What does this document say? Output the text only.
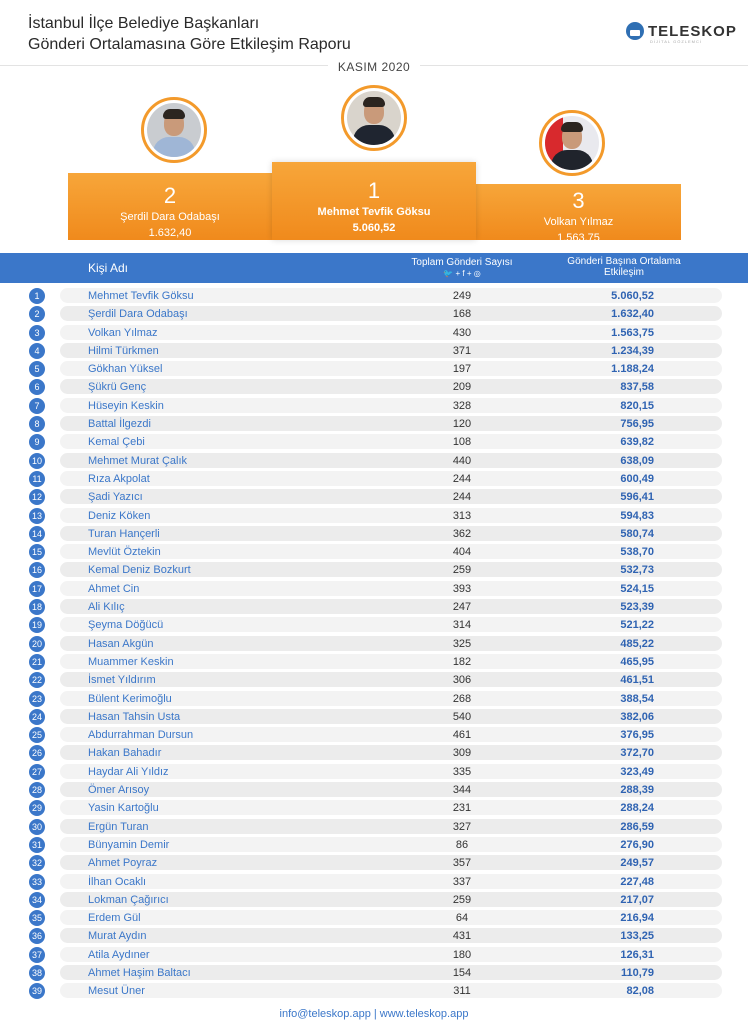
İstanbul İlçe Belediye Başkanları
Gönderi Ortalamasına Göre Etkileşim Raporu
TELESKOP
DİJİTAL GÖZLEMCİ
KASIM 2020
2
Şerdil Dara Odabaşı
1.632,40
3
Volkan Yılmaz
1.563,75
1
Mehmet Tevfik Göksu
5.060,52
Kişi Adı	Toplam Gönderi Sayısı
🐦 + f + ◎
Gönderi Başına Ortalama Etkileşim
1	Mehmet Tevfik Göksu	249	5.060,52
2	Şerdil Dara Odabaşı	168	1.632,40
3	Volkan Yılmaz	430	1.563,75
4	Hilmi Türkmen	371	1.234,39
5	Gökhan Yüksel	197	1.188,24
6	Şükrü Genç	209	837,58
7	Hüseyin Keskin	328	820,15
8	Battal İlgezdi	120	756,95
9	Kemal Çebi	108	639,82
10	Mehmet Murat Çalık	440	638,09
11	Rıza Akpolat	244	600,49
12	Şadi Yazıcı	244	596,41
13	Deniz Köken	313	594,83
14	Turan Hançerli	362	580,74
15	Mevlüt Öztekin	404	538,70
16	Kemal Deniz Bozkurt	259	532,73
17	Ahmet Cin	393	524,15
18	Ali Kılıç	247	523,39
19	Şeyma Döğücü	314	521,22
20	Hasan Akgün	325	485,22
21	Muammer Keskin	182	465,95
22	İsmet Yıldırım	306	461,51
23	Bülent Kerimoğlu	268	388,54
24	Hasan Tahsin Usta	540	382,06
25	Abdurrahman Dursun	461	376,95
26	Hakan Bahadır	309	372,70
27	Haydar Ali Yıldız	335	323,49
28	Ömer Arısoy	344	288,39
29	Yasin Kartoğlu	231	288,24
30	Ergün Turan	327	286,59
31	Bünyamin Demir	86	276,90
32	Ahmet Poyraz	357	249,57
33	İlhan Ocaklı	337	227,48
34	Lokman Çağırıcı	259	217,07
35	Erdem Gül	64	216,94
36	Murat Aydın	431	133,25
37	Atila Aydıner	180	126,31
38	Ahmet Haşim Baltacı	154	110,79
39	Mesut Üner	311	82,08
info@teleskop.app | www.teleskop.app
